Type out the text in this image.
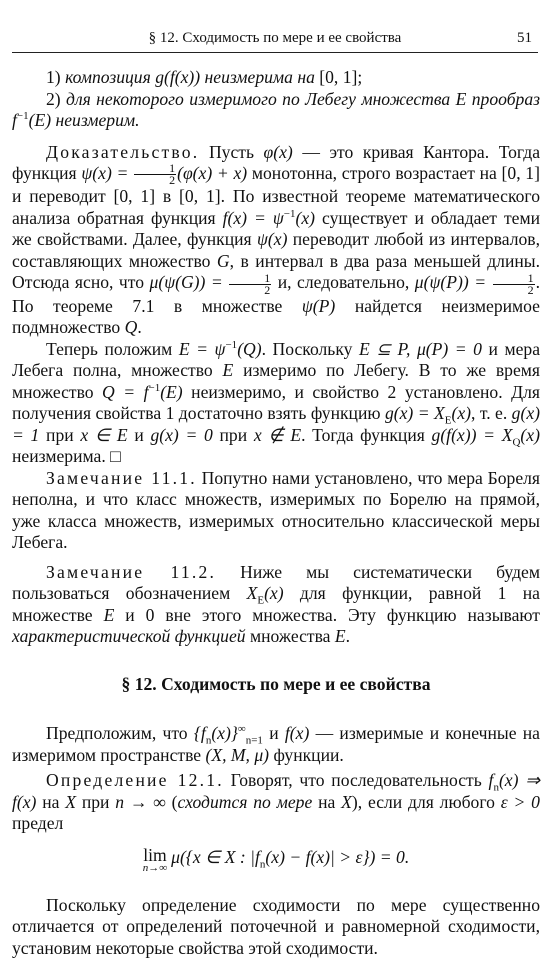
§ 12. Сходимость по мере и ее свойства	51

1) композиция g(f(x)) неизмерима на [0, 1];

2) для некоторого измеримого по Лебегу множества E прообраз $f^{-1}(E)$ неизмерим.

Доказательство. Пусть φ(x) — это кривая Кантора. Тогда функция $\psi(x) = \frac{1}{2} (\varphi(x) + x)$ монотонна, строго возрастает на [0, 1] и переводит [0, 1] в [0, 1]. По известной теореме математического анализа обратная функция $f(x) = \psi^{-1}(x)$ существует и обладает теми же свойствами. Далее, функция ψ(x) переводит любой из интервалов, составляющих множество G, в интервал в два раза меньшей длины. Отсюда ясно, что $\mu(\psi(G)) = \frac{1}{2} и$, следовательно, $\mu(\psi(P)) = \frac{1}{2}$ . По теореме 7.1 в множестве ψ(P) найдется неизмеримое подмножество Q.

Теперь положим $E = \psi^{-1}(Q)$. Поскольку E ⊆ P, μ(P) = 0 и мера Лебега полна, множество E измеримо по Лебегу. В то же время множество $Q = f^{-1}(E)$ неизмеримо, и свойство 2 установлено. Для получения свойства 1 достаточно взять функцию $g(x) = X_E(x)$, т. е. g(x) = 1 при x ∈ E и g(x) = 0 при x ∉ E. Тогда функция $g(f(x)) = X_Q(x)$ неизмерима. □

Замечание 11.1. Попутно нами установлено, что мера Бореля неполна, и что класс множеств, измеримых по Борелю на прямой, уже класса множеств, измеримых относительно классической меры Лебега.

Замечание 11.2. Ниже мы систематически будем пользоваться обозначением $X_E(x)$ для функции, равной 1 на множестве E и 0 вне этого множества. Эту функцию называют характеристической функцией множества E.

§ 12. Сходимость по мере и ее свойства

Предположим, что $\{f_n(x)\}^\infty_{n=1}$ и f(x) — измеримые и конечные на измеримом пространстве (X, M, μ) функции.

Определение 12.1. Говорят, что последовательность $f_n(x)$ ⇒ f(x) на X при n → ∞ (сходится по мере на X), если для любого ε > 0 предел

lim
n→∞
μ({x ∈ X : $|f_n(x) - f(x)| > \varepsilon\}) = 0$.

Поскольку определение сходимости по мере существенно отличается от определений поточечной и равномерной сходимости, установим некоторые свойства этой сходимости.
